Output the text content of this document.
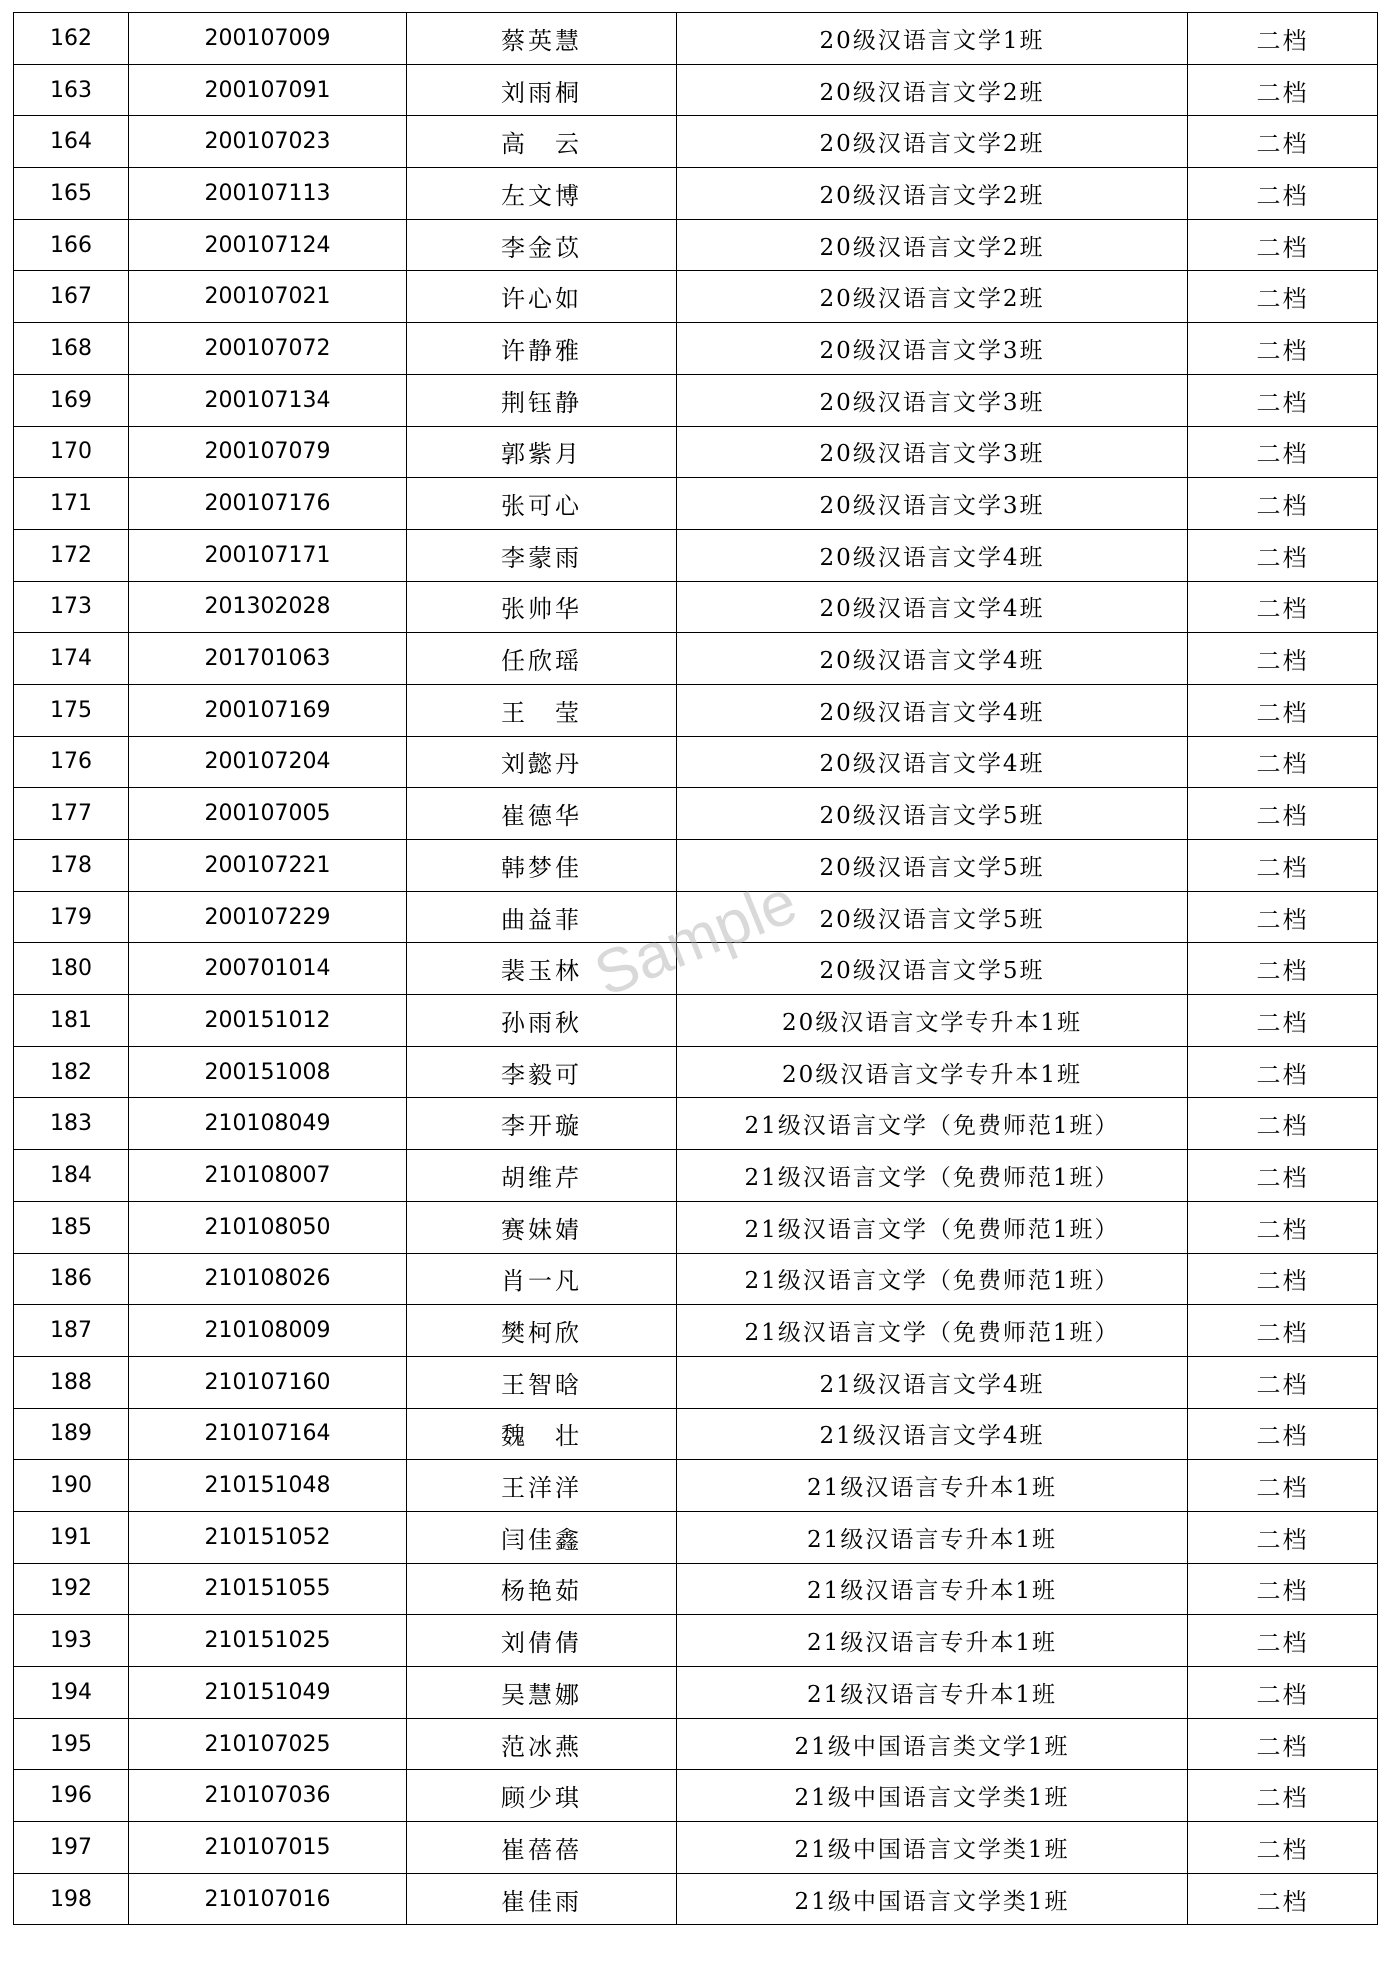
162	200107009	蔡英慧	20级汉语言文学1班	二档
163	200107091	刘雨桐	20级汉语言文学2班	二档
164	200107023	高　云	20级汉语言文学2班	二档
165	200107113	左文博	20级汉语言文学2班	二档
166	200107124	李金苡	20级汉语言文学2班	二档
167	200107021	许心如	20级汉语言文学2班	二档
168	200107072	许静雅	20级汉语言文学3班	二档
169	200107134	荆钰静	20级汉语言文学3班	二档
170	200107079	郭紫月	20级汉语言文学3班	二档
171	200107176	张可心	20级汉语言文学3班	二档
172	200107171	李蒙雨	20级汉语言文学4班	二档
173	201302028	张帅华	20级汉语言文学4班	二档
174	201701063	任欣瑶	20级汉语言文学4班	二档
175	200107169	王　莹	20级汉语言文学4班	二档
176	200107204	刘懿丹	20级汉语言文学4班	二档
177	200107005	崔德华	20级汉语言文学5班	二档
178	200107221	韩梦佳	20级汉语言文学5班	二档
179	200107229	曲益菲	20级汉语言文学5班	二档
180	200701014	裴玉林	20级汉语言文学5班	二档
181	200151012	孙雨秋	20级汉语言文学专升本1班	二档
182	200151008	李毅可	20级汉语言文学专升本1班	二档
183	210108049	李开璇	21级汉语言文学（免费师范1班）	二档
184	210108007	胡维芹	21级汉语言文学（免费师范1班）	二档
185	210108050	赛妹婧	21级汉语言文学（免费师范1班）	二档
186	210108026	肖一凡	21级汉语言文学（免费师范1班）	二档
187	210108009	樊柯欣	21级汉语言文学（免费师范1班）	二档
188	210107160	王智晗	21级汉语言文学4班	二档
189	210107164	魏　壮	21级汉语言文学4班	二档
190	210151048	王洋洋	21级汉语言专升本1班	二档
191	210151052	闫佳鑫	21级汉语言专升本1班	二档
192	210151055	杨艳茹	21级汉语言专升本1班	二档
193	210151025	刘倩倩	21级汉语言专升本1班	二档
194	210151049	吴慧娜	21级汉语言专升本1班	二档
195	210107025	范冰燕	21级中国语言类文学1班	二档
196	210107036	顾少琪	21级中国语言文学类1班	二档
197	210107015	崔蓓蓓	21级中国语言文学类1班	二档
198	210107016	崔佳雨	21级中国语言文学类1班	二档
Sample
